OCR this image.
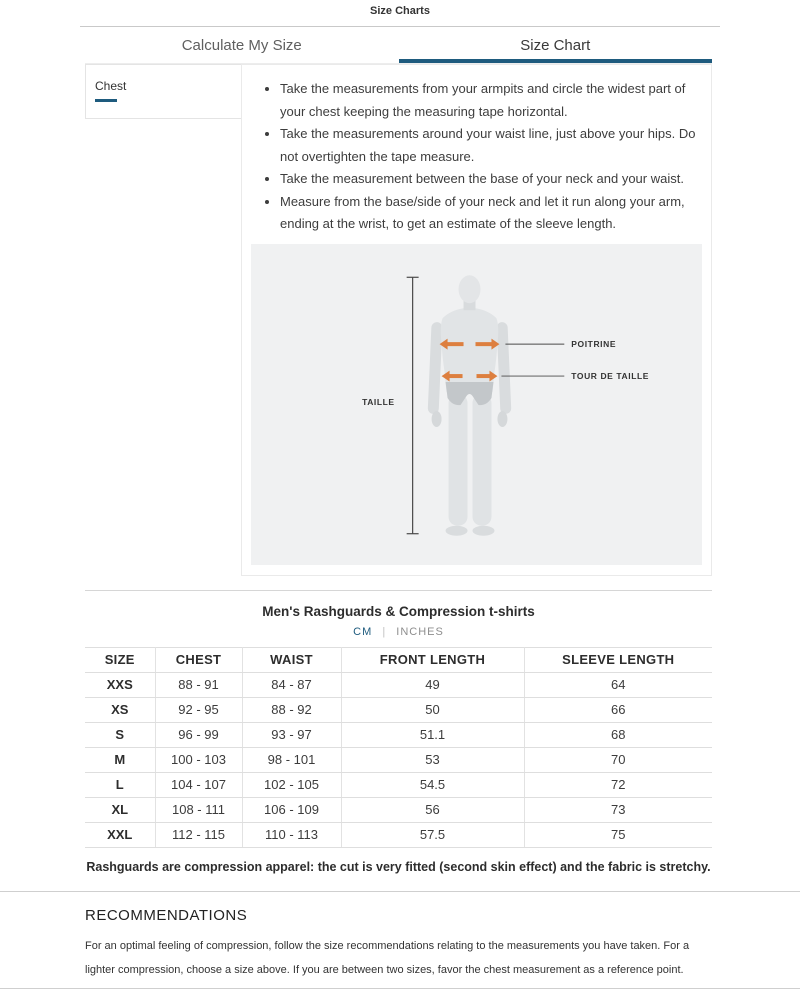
Size Charts
Calculate My Size	Size Chart
Chest	• Take the measurements from your armpits and circle the widest part of your chest keeping the measuring tape horizontal.
• Take the measurements around your waist line, just above your hips. Do not overtighten the tape measure.
• Take the measurement between the base of your neck and your waist.
• Measure from the base/side of your neck and let it run along your arm, ending at the wrist, to get an estimate of the sleeve length.
POITRINE
TOUR DE TAILLE
TAILLE
Men's Rashguards & Compression t-shirts
CM | INCHES
SIZE	CHEST	WAIST	FRONT LENGTH	SLEEVE LENGTH
XXS	88 - 91	84 - 87	49	64
XS	92 - 95	88 - 92	50	66
S	96 - 99	93 - 97	51.1	68
M	100 - 103	98 - 101	53	70
L	104 - 107	102 - 105	54.5	72
XL	108 - 111	106 - 109	56	73
XXL	112 - 115	110 - 113	57.5	75

Rashguards are compression apparel: the cut is very fitted (second skin effect) and the fabric is stretchy.

RECOMMENDATIONS

For an optimal feeling of compression, follow the size recommendations relating to the measurements you have taken. For a lighter compression, choose a size above. If you are between two sizes, favor the chest measurement as a reference point.
